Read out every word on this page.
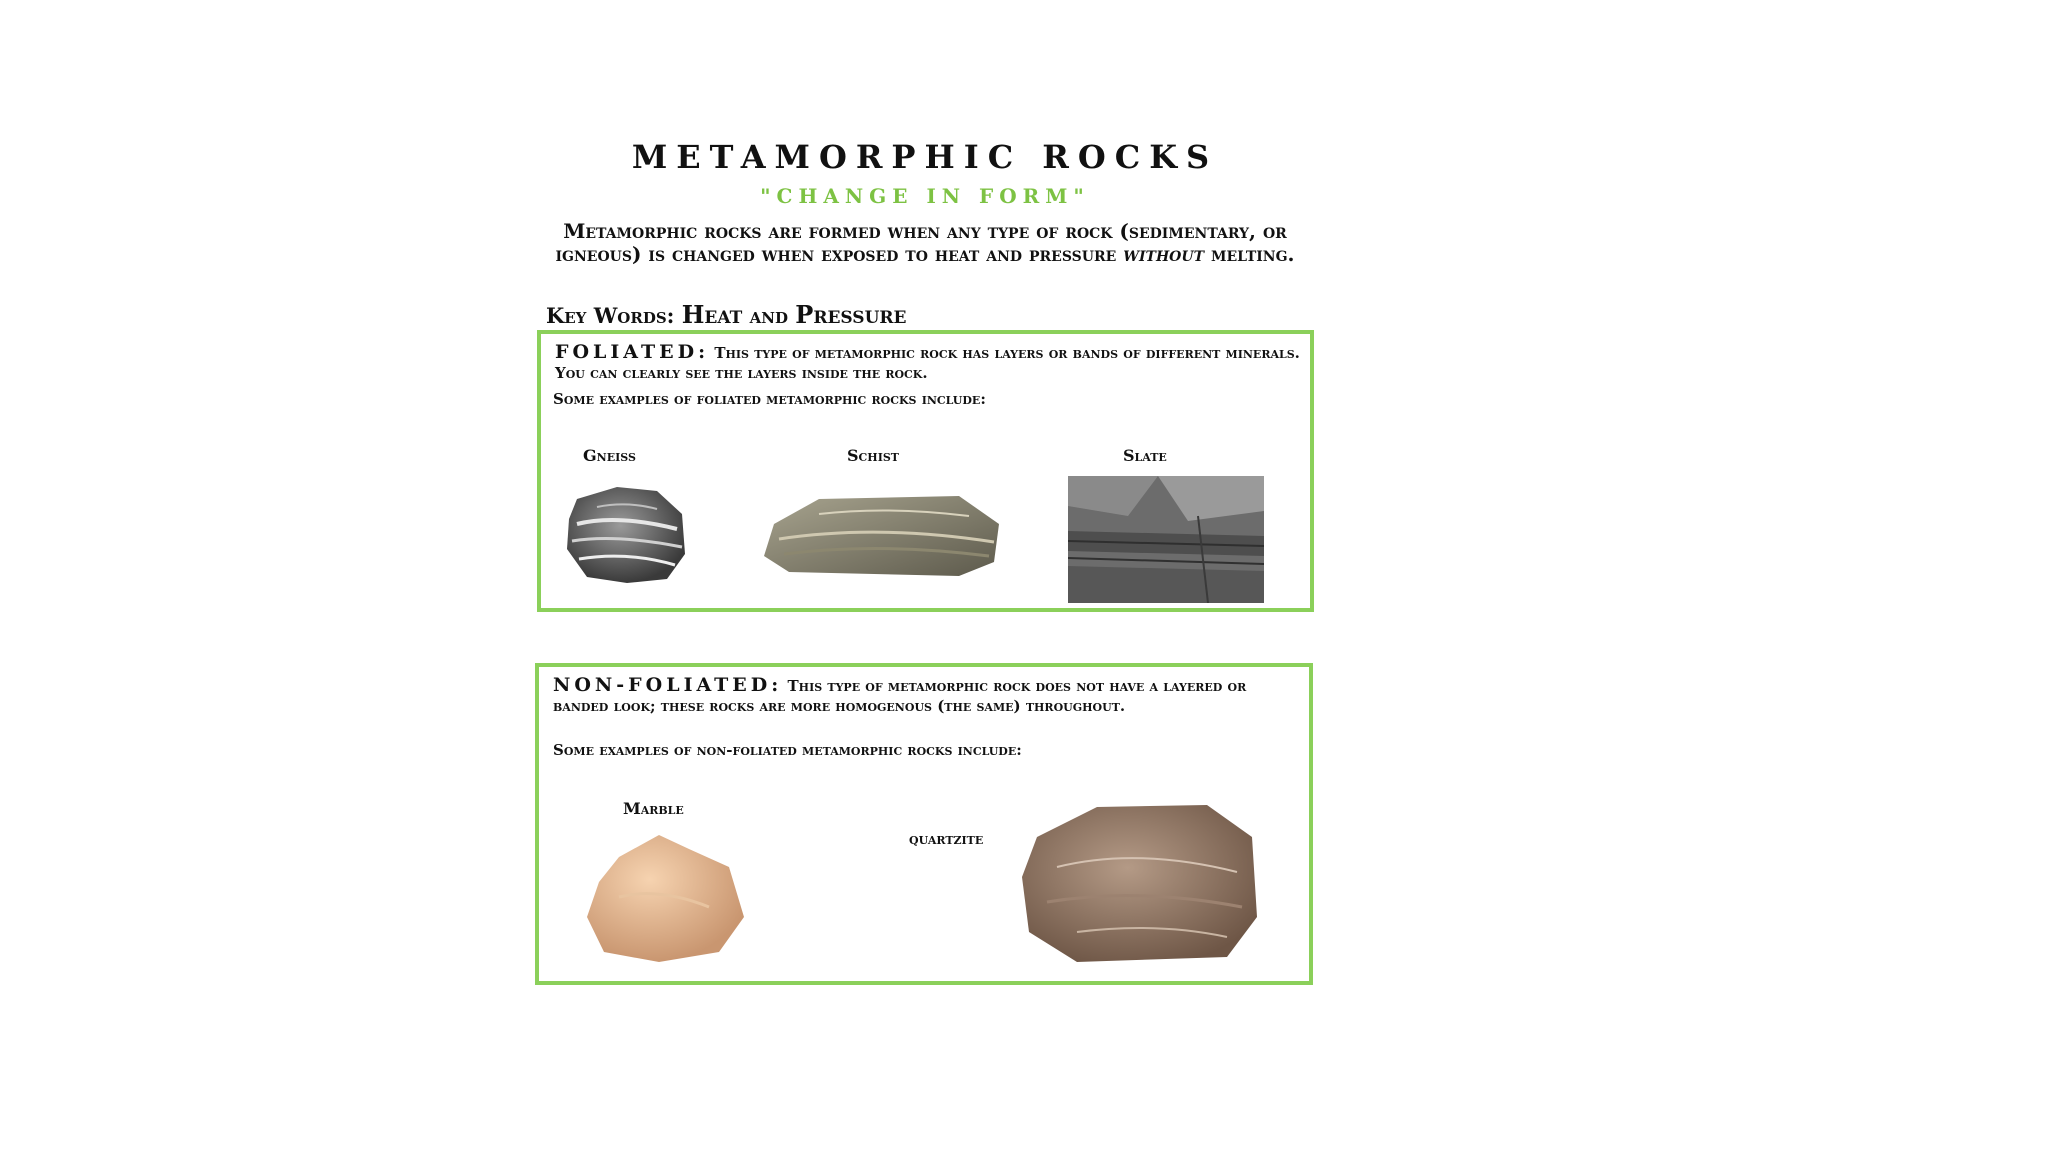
METAMORPHIC ROCKS
"CHANGE IN FORM"
Metamorphic rocks are formed when any type of rock (sedimentary, or igneous) is changed when exposed to heat and pressure without melting.
Key Words: Heat and Pressure
FOLIATED: This type of metamorphic rock has layers or bands of different minerals. You can clearly see the layers inside the rock.
Some examples of foliated metamorphic rocks include:
Gneiss	Schist	Slate
NON-FOLIATED: This type of metamorphic rock does not have a layered or banded look; these rocks are more homogenous (the same) throughout.
Some examples of non-foliated metamorphic rocks include:
Marble
quartzite
